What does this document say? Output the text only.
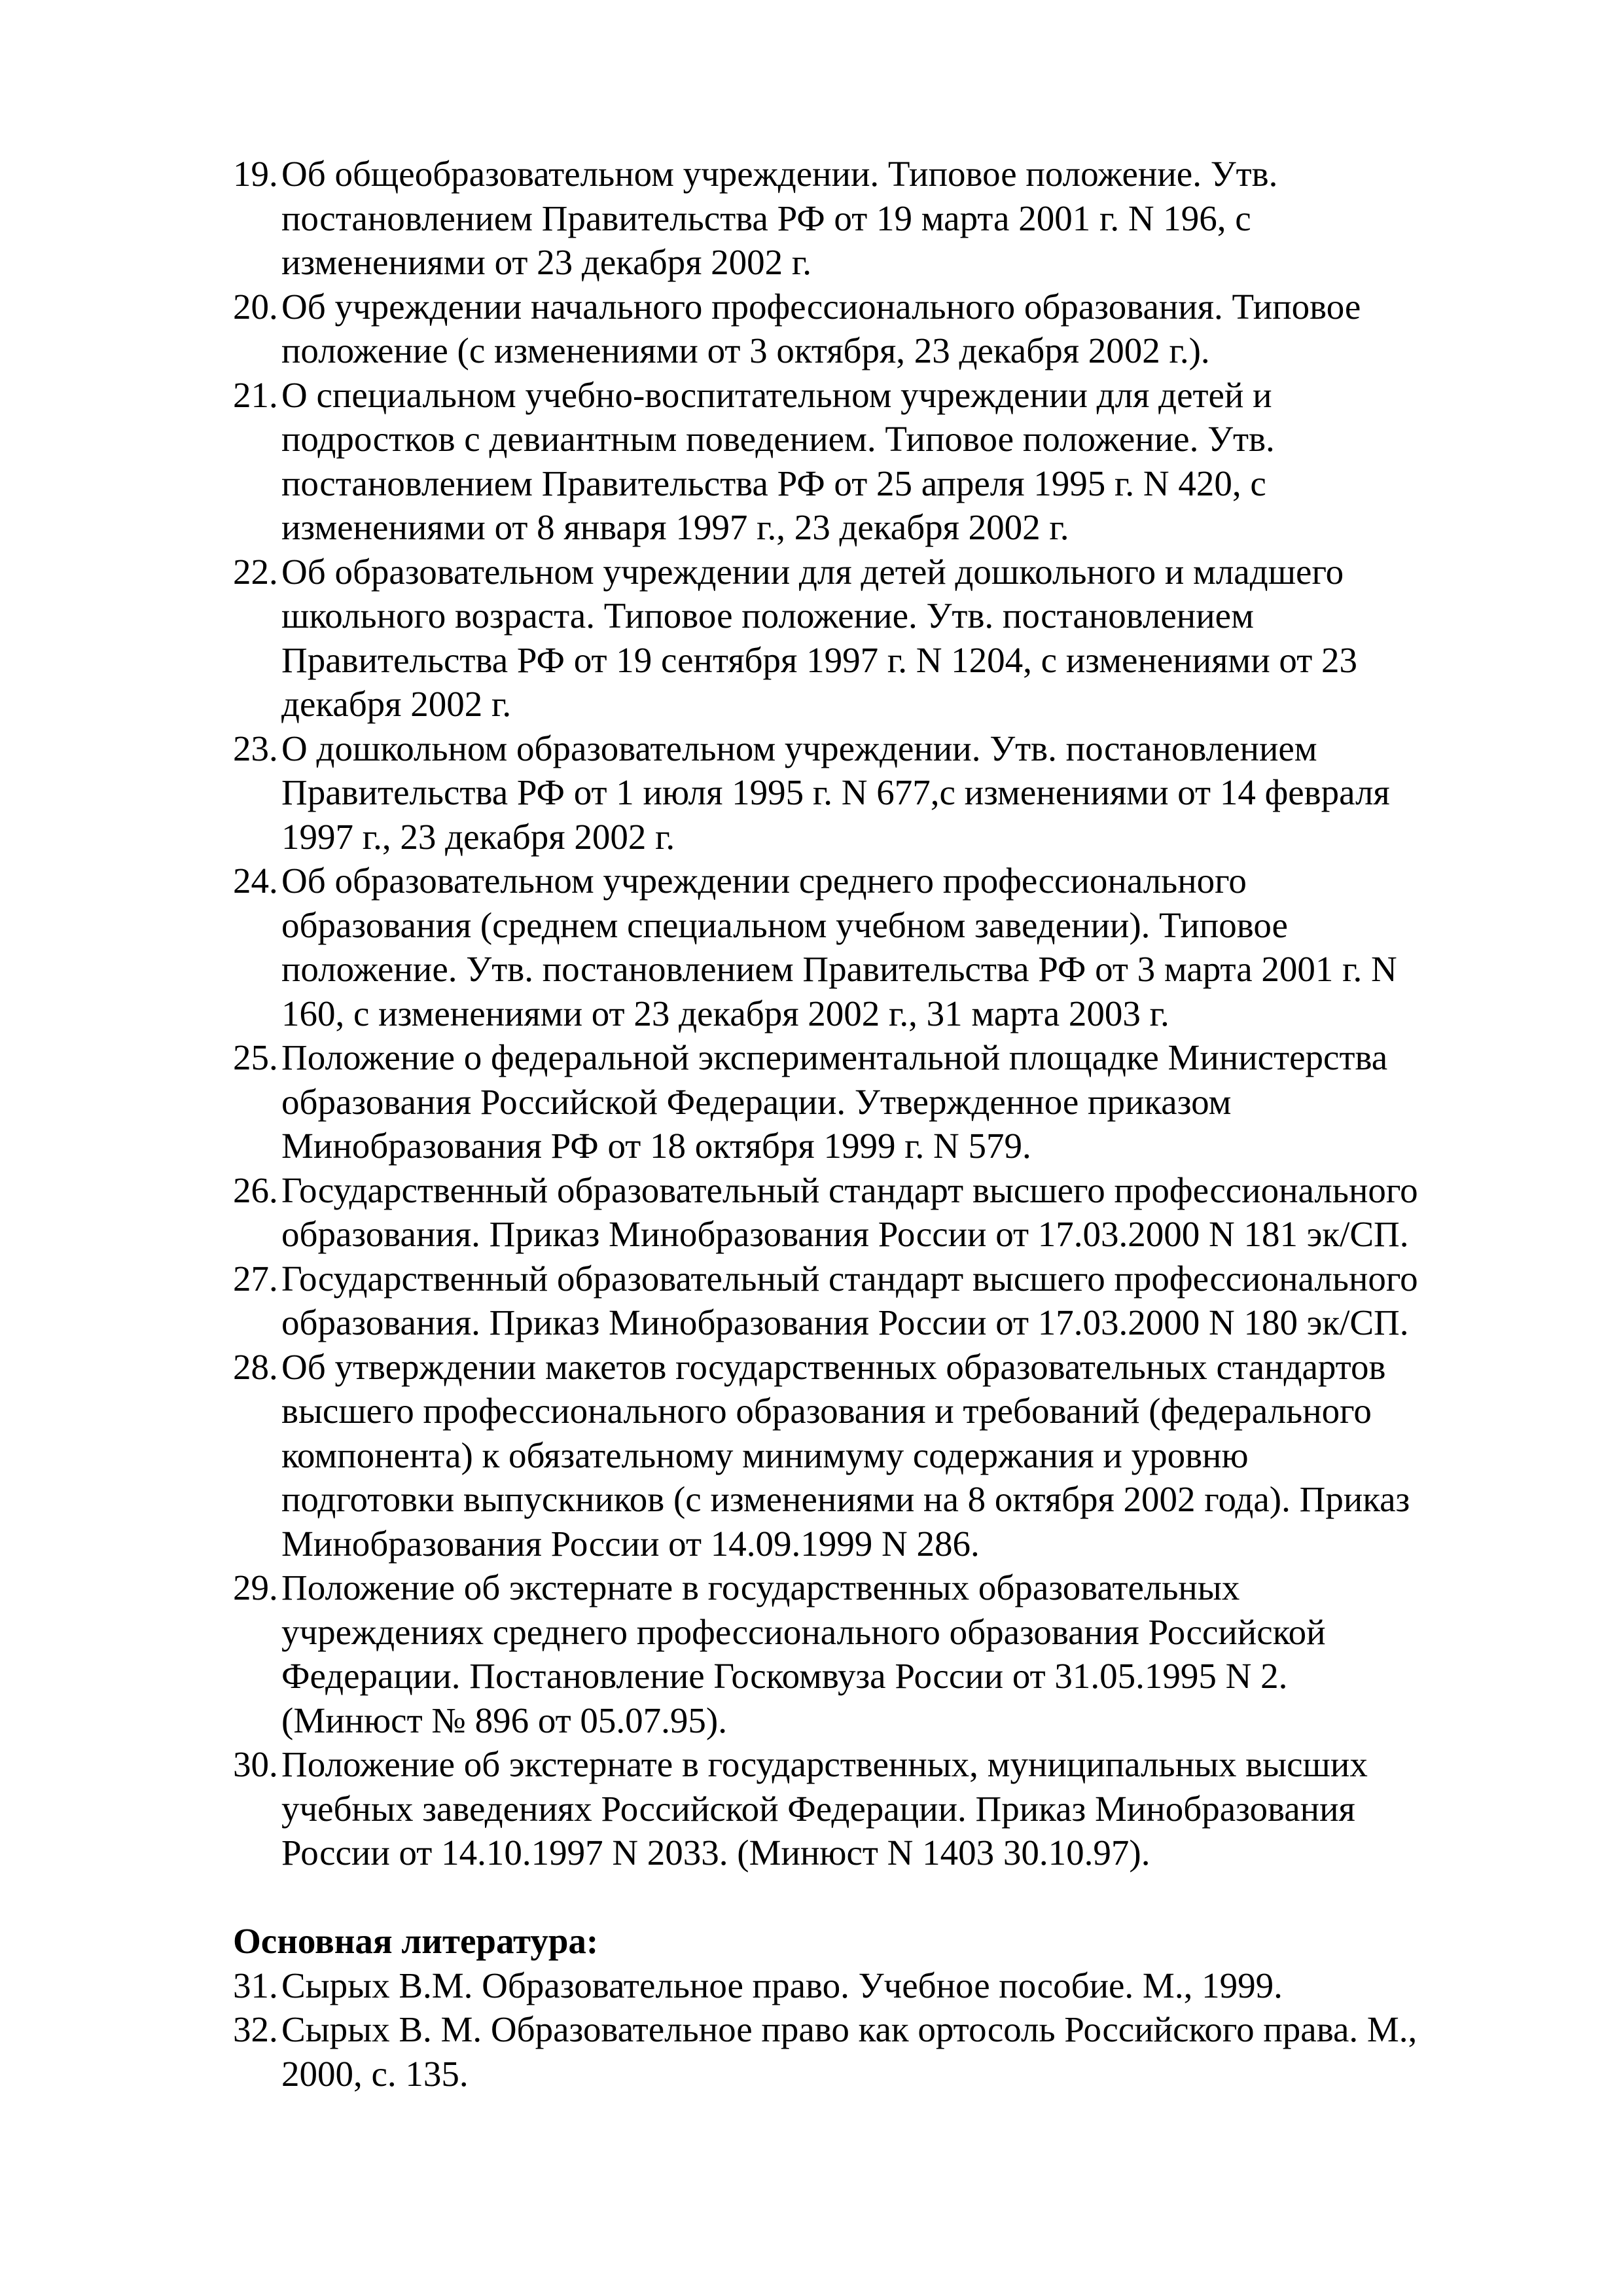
19. Об общеобразовательном учреждении. Типовое положение. Утв.
постановлением Правительства РФ от 19 марта 2001 г. N 196, с
изменениями от 23 декабря 2002 г.
20. Об учреждении начального профессионального образования. Типовое
положение (с изменениями от 3 октября, 23 декабря 2002 г.).
21. О специальном учебно-воспитательном учреждении для детей и
подростков с девиантным поведением. Типовое положение. Утв.
постановлением Правительства РФ от 25 апреля 1995 г. N 420, с
изменениями от 8 января 1997 г., 23 декабря 2002 г.
22. Об образовательном учреждении для детей дошкольного и младшего
школьного возраста. Типовое положение. Утв. постановлением
Правительства РФ от 19 сентября 1997 г. N 1204, с изменениями от 23
декабря 2002 г.
23. О дошкольном образовательном учреждении. Утв. постановлением
Правительства РФ от 1 июля 1995 г. N 677,с изменениями от 14 февраля
1997 г., 23 декабря 2002 г.
24. Об образовательном учреждении среднего профессионального
образования (среднем специальном учебном заведении). Типовое
положение. Утв. постановлением Правительства РФ от 3 марта 2001 г. N
160, с изменениями от 23 декабря 2002 г., 31 марта 2003 г.
25. Положение о федеральной экспериментальной площадке Министерства
образования Российской Федерации. Утвержденное приказом
Минобразования РФ от 18 октября 1999 г. N 579.
26. Государственный образовательный стандарт высшего профессионального
образования. Приказ Минобразования России от 17.03.2000 N 181 эк/СП.
27. Государственный образовательный стандарт высшего профессионального
образования. Приказ Минобразования России от 17.03.2000 N 180 эк/СП.
28. Об утверждении макетов государственных образовательных стандартов
высшего профессионального образования и требований (федерального
компонента) к обязательному минимуму содержания и уровню
подготовки выпускников (с изменениями на 8 октября 2002 года). Приказ
Минобразования России от 14.09.1999 N 286.
29. Положение об экстернате в государственных образовательных
учреждениях среднего профессионального образования Российской
Федерации. Постановление Госкомвуза России от 31.05.1995 N 2.
(Минюст № 896 от 05.07.95).
30. Положение об экстернате в государственных, муниципальных высших
учебных заведениях Российской Федерации. Приказ Минобразования
России от 14.10.1997 N 2033. (Минюст N 1403 30.10.97).
Основная литература:
31. Сырых В.М. Образовательное право. Учебное пособие. М., 1999.
32. Сырых В. М. Образовательное право как ортосоль Российского права. М.,
2000, с. 135.
